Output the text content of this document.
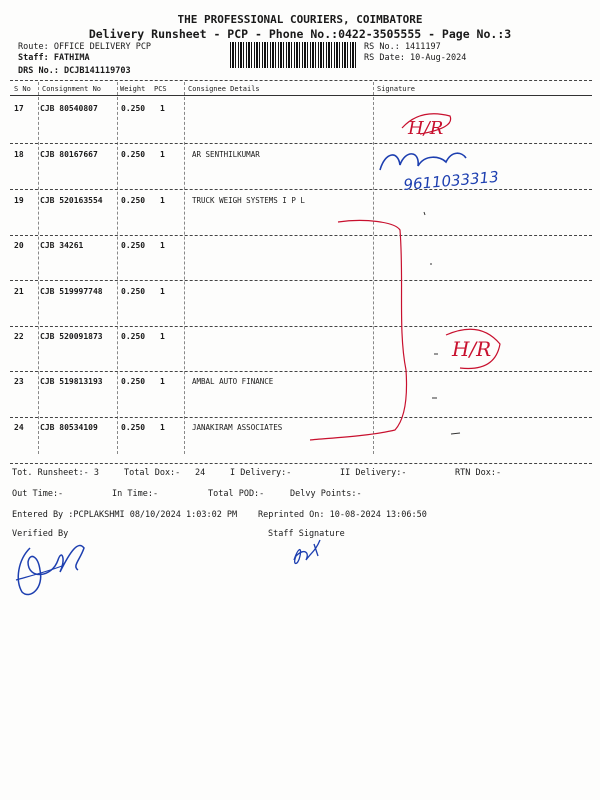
THE PROFESSIONAL COURIERS, COIMBATORE
Delivery Runsheet - PCP - Phone No.:0422-3505555 - Page No.:3
Route: OFFICE DELIVERY PCP
Staff: FATHIMA
DRS No.: DCJB141119703
RS No.: 1411197
RS Date: 10-Aug-2024
S No Consignment No	Weight PCS	Consignee Details	Signature
17 CJB 80540807	0.250 1
18 CJB 80167667	0.250 1	AR SENTHILKUMAR
19 CJB 520163554 0.250 1	TRUCK WEIGH SYSTEMS I P L
20 CJB 34261	0.250 1
21 CJB 519997748 0.250 1
22 CJB 520091873 0.250 1
23 CJB 519813193 0.250 1	AMBAL AUTO FINANCE
24 CJB 80534109	0.250 1	JANAKIRAM ASSOCIATES
Tot. Runsheet:- 3	Total Dox:- 24	I Delivery:-	II Delivery:-	RTN Dox:-
Out Time:-	In Time:-	Total POD:-	Delvy Points:-
Entered By :PCPLAKSHMI 08/10/2024 1:03:02 PM Reprinted On: 10-08-2024 13:06:50
Verified By	Staff Signature
H/R
9611033313
H/R
